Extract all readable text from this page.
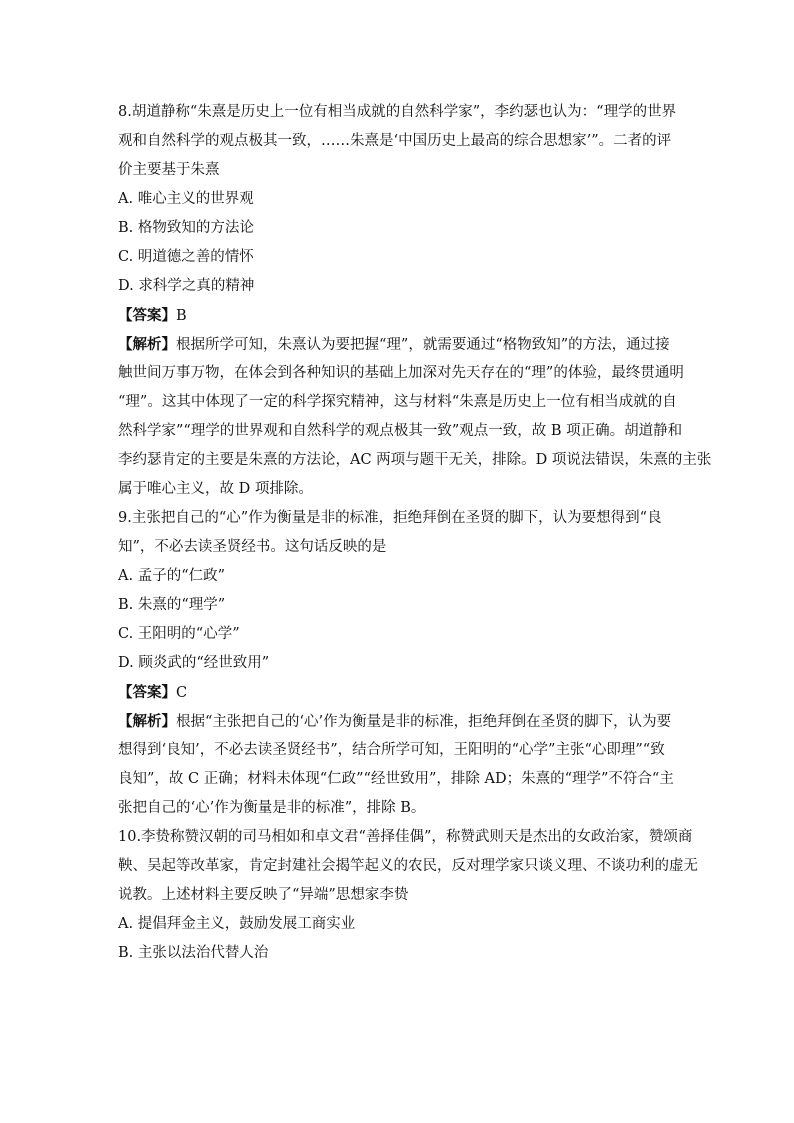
8.胡道静称“朱熹是历史上一位有相当成就的自然科学家”，李约瑟也认为：“理学的世界
观和自然科学的观点极其一致，……朱熹是‘中国历史上最高的综合思想家’”。二者的评
价主要基于朱熹
A. 唯心主义的世界观
B. 格物致知的方法论
C. 明道德之善的情怀
D. 求科学之真的精神
【答案】B
【解析】根据所学可知，朱熹认为要把握“理”，就需要通过“格物致知”的方法，通过接
触世间万事万物，在体会到各种知识的基础上加深对先天存在的“理”的体验，最终贯通明
“理”。这其中体现了一定的科学探究精神，这与材料“朱熹是历史上一位有相当成就的自
然科学家”“理学的世界观和自然科学的观点极其一致”观点一致，故 B 项正确。胡道静和
李约瑟肯定的主要是朱熹的方法论，AC 两项与题干无关，排除。D 项说法错误，朱熹的主张
属于唯心主义，故 D 项排除。
9.主张把自己的“心”作为衡量是非的标准，拒绝拜倒在圣贤的脚下，认为要想得到“良
知”，不必去读圣贤经书。这句话反映的是
A. 孟子的“仁政”
B. 朱熹的“理学”
C. 王阳明的“心学”
D. 顾炎武的“经世致用”
【答案】C
【解析】根据“主张把自己的‘心’作为衡量是非的标准，拒绝拜倒在圣贤的脚下，认为要
想得到‘良知’，不必去读圣贤经书”，结合所学可知，王阳明的“心学”主张“心即理”“致
良知”，故 C 正确；材料未体现“仁政”“经世致用”，排除 AD；朱熹的“理学”不符合“主
张把自己的‘心’作为衡量是非的标准”，排除 B。
10.李贽称赞汉朝的司马相如和卓文君“善择佳偶”，称赞武则天是杰出的女政治家，赞颂商
鞅、吴起等改革家，肯定封建社会揭竿起义的农民，反对理学家只谈义理、不谈功利的虚无
说教。上述材料主要反映了“异端”思想家李贽
A. 提倡拜金主义，鼓励发展工商实业
B. 主张以法治代替人治
